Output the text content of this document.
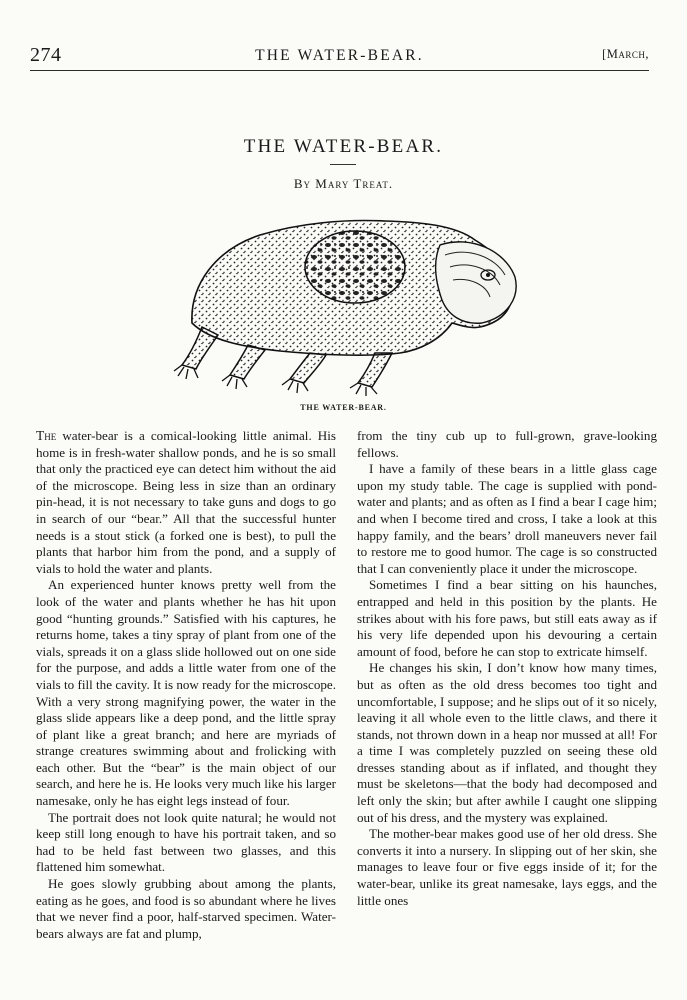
274	THE WATER-BEAR.	[March,
THE WATER-BEAR.
By Mary Treat.
THE WATER-BEAR.

The water-bear is a comical-looking little animal. His home is in fresh-water shallow ponds, and he is so small that only the practiced eye can detect him without the aid of the microscope. Being less in size than an ordinary pin-head, it is not necessary to take guns and dogs to go in search of our “bear.” All that the successful hunter needs is a stout stick (a forked one is best), to pull the plants that harbor him from the pond, and a supply of vials to hold the water and plants.

An experienced hunter knows pretty well from the look of the water and plants whether he has hit upon good “hunting grounds.” Satisfied with his captures, he returns home, takes a tiny spray of plant from one of the vials, spreads it on a glass slide hollowed out on one side for the purpose, and adds a little water from one of the vials to fill the cavity. It is now ready for the microscope. With a very strong magnifying power, the water in the glass slide appears like a deep pond, and the little spray of plant like a great branch; and here are myriads of strange creatures swimming about and frolicking with each other. But the “bear” is the main object of our search, and here he is. He looks very much like his larger namesake, only he has eight legs instead of four.

The portrait does not look quite natural; he would not keep still long enough to have his portrait taken, and so had to be held fast between two glasses, and this flattened him somewhat.

He goes slowly grubbing about among the plants, eating as he goes, and food is so abundant where he lives that we never find a poor, half-starved specimen. Water-bears always are fat and plump,

from the tiny cub up to full-grown, grave-looking fellows.

I have a family of these bears in a little glass cage upon my study table. The cage is supplied with pond-water and plants; and as often as I find a bear I cage him; and when I become tired and cross, I take a look at this happy family, and the bears’ droll maneuvers never fail to restore me to good humor. The cage is so constructed that I can conveniently place it under the microscope.

Sometimes I find a bear sitting on his haunches, entrapped and held in this position by the plants. He strikes about with his fore paws, but still eats away as if his very life depended upon his devouring a certain amount of food, before he can stop to extricate himself.

He changes his skin, I don’t know how many times, but as often as the old dress becomes too tight and uncomfortable, I suppose; and he slips out of it so nicely, leaving it all whole even to the little claws, and there it stands, not thrown down in a heap nor mussed at all! For a time I was completely puzzled on seeing these old dresses standing about as if inflated, and thought they must be skeletons—that the body had decomposed and left only the skin; but after awhile I caught one slipping out of his dress, and the mystery was explained.

The mother-bear makes good use of her old dress. She converts it into a nursery. In slipping out of her skin, she manages to leave four or five eggs inside of it; for the water-bear, unlike its great namesake, lays eggs, and the little ones
